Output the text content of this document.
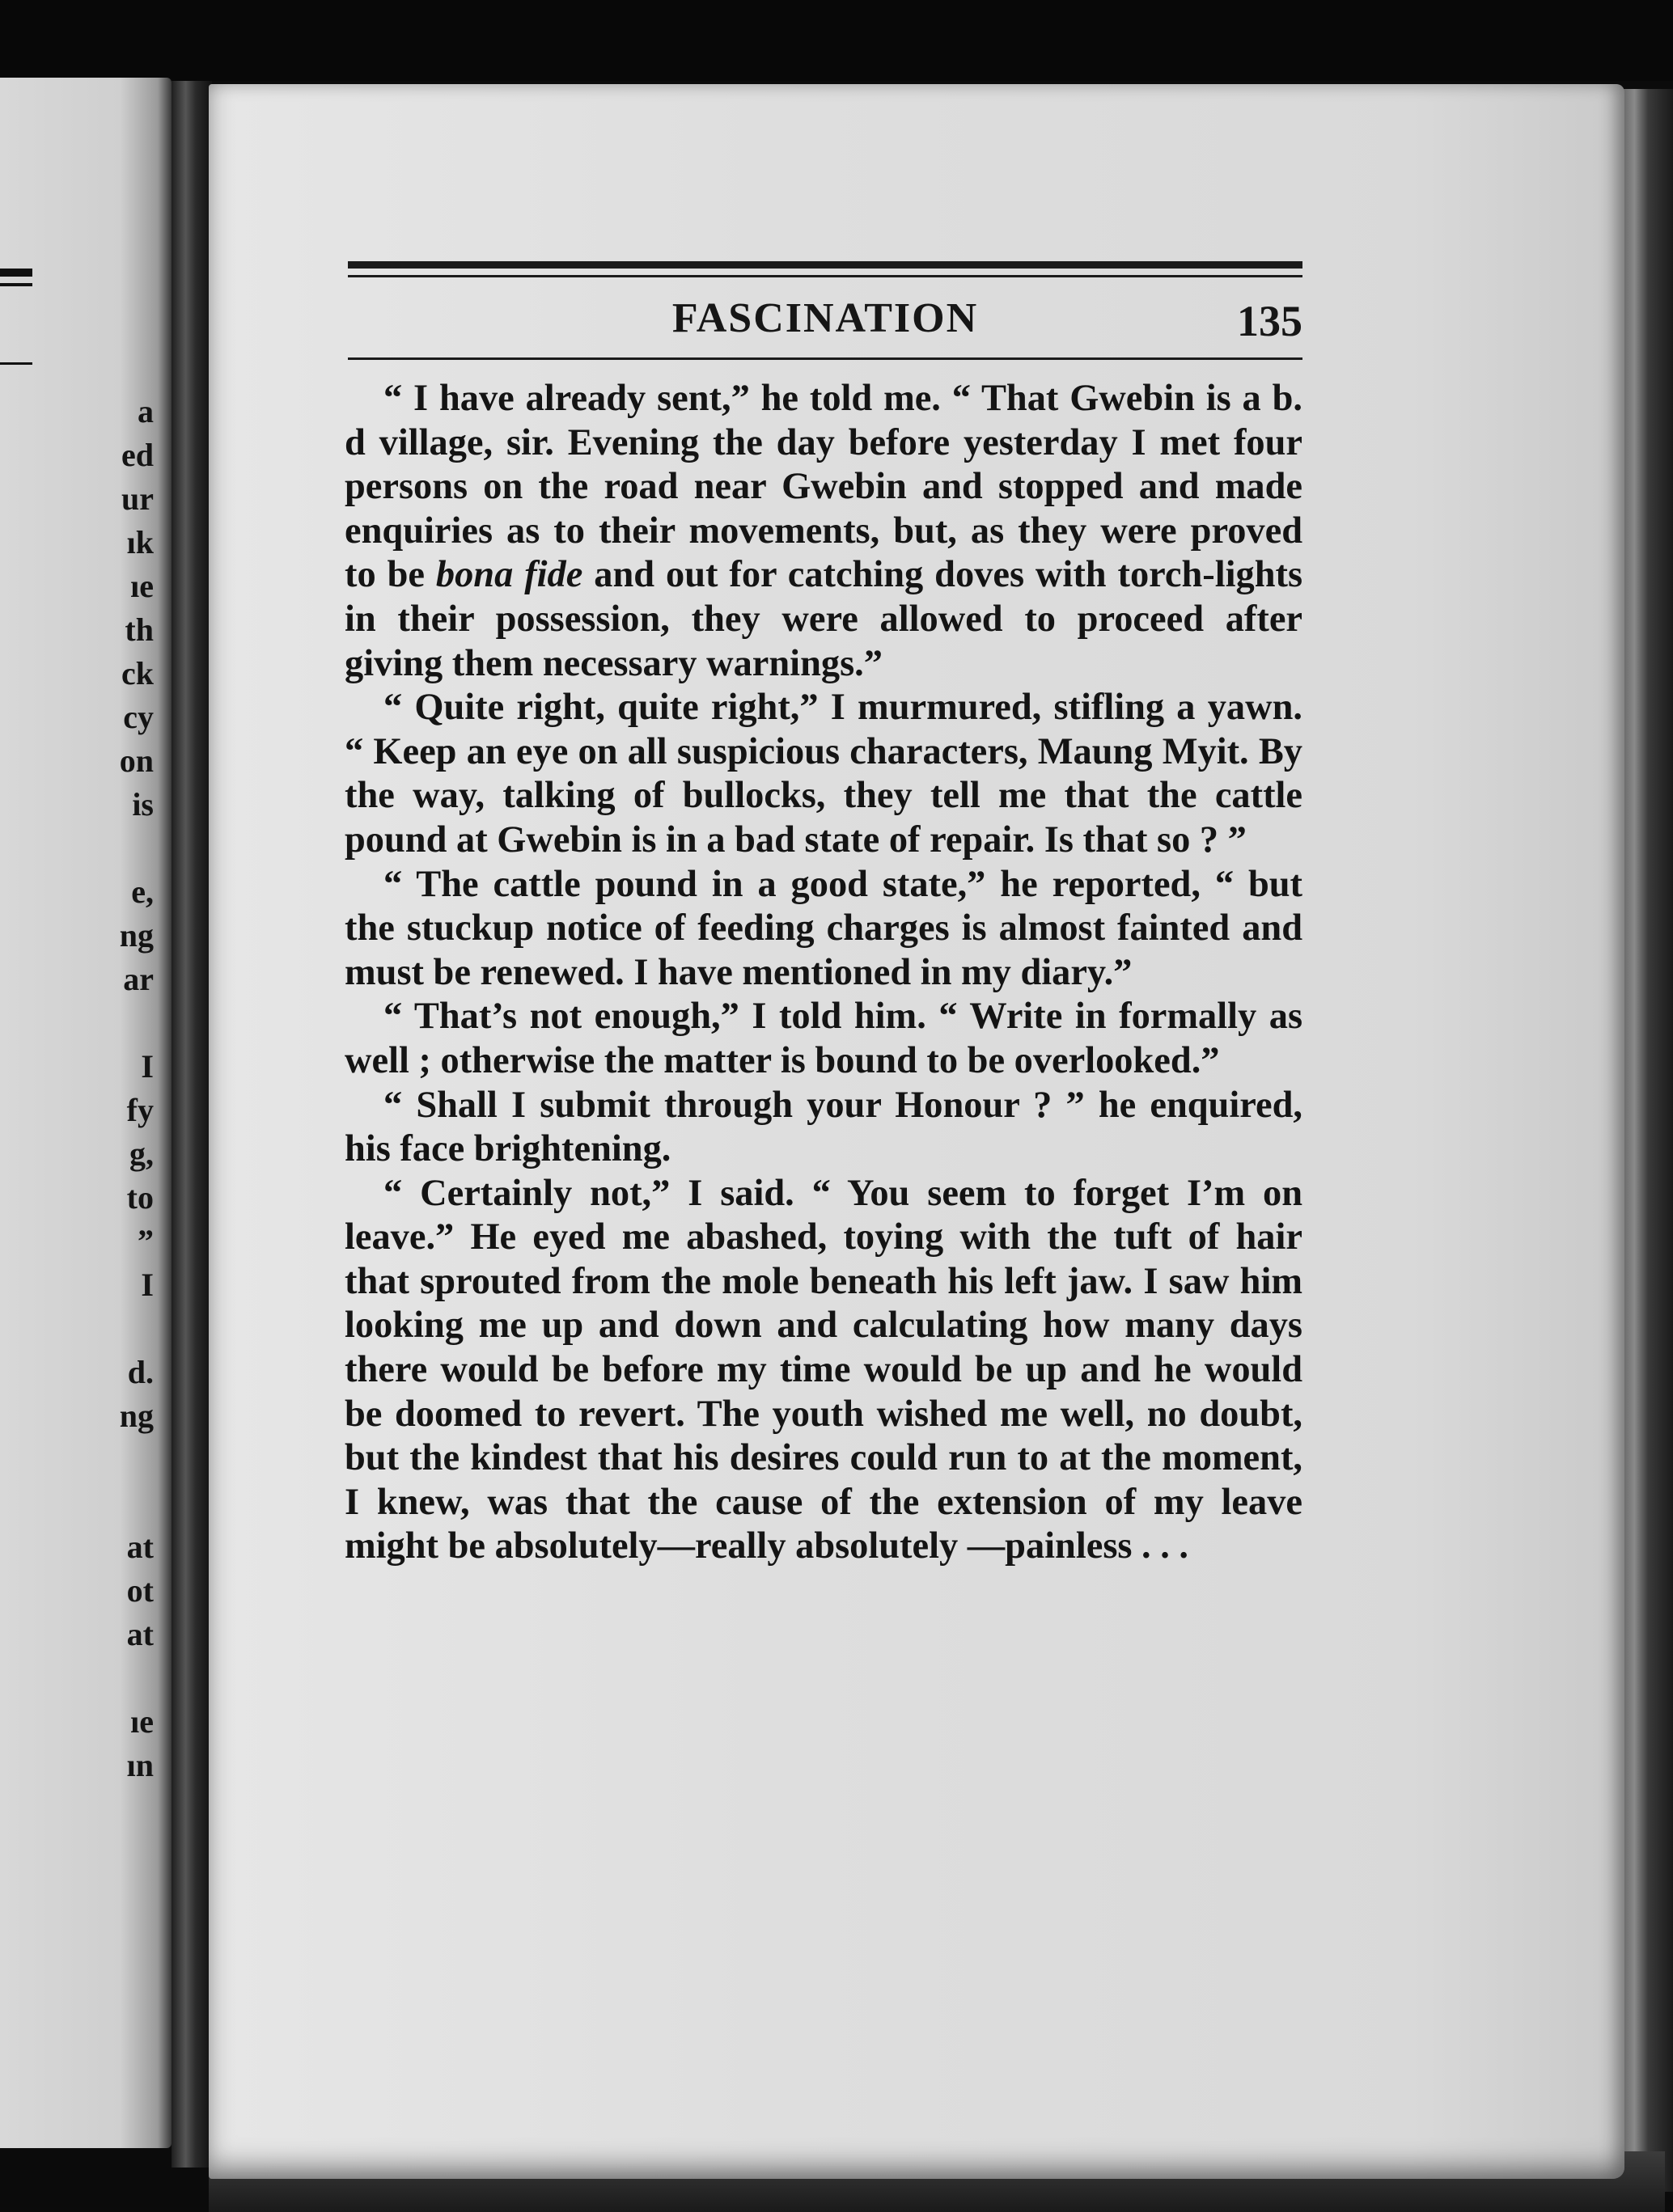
a
ed
ur
ık
ıe
th
ck
cy
on
is
e,
ng
ar
I
fy
g,
to
”
I
d.
ng
at
ot
at
ıe
ın
FASCINATION	135

“ I have already sent,” he told me. “ That Gwebin is a b. d village, sir. Evening the day before yesterday I met four persons on the road near Gwebin and stopped and made enquiries as to their movements, but, as they were proved to be bona fide and out for catching doves with torch-lights in their possession, they were allowed to proceed after giving them necessary warnings.”

“ Quite right, quite right,” I murmured, stifling a yawn. “ Keep an eye on all suspicious characters, Maung Myit. By the way, talking of bullocks, they tell me that the cattle pound at Gwebin is in a bad state of repair. Is that so ? ”

“ The cattle pound in a good state,” he reported, “ but the stuckup notice of feeding charges is almost fainted and must be renewed. I have mentioned in my diary.”

“ That’s not enough,” I told him. “ Write in formally as well ; otherwise the matter is bound to be overlooked.”

“ Shall I submit through your Honour ? ” he enquired, his face brightening.

“ Certainly not,” I said. “ You seem to forget I’m on leave.” He eyed me abashed, toying with the tuft of hair that sprouted from the mole beneath his left jaw. I saw him looking me up and down and calculating how many days there would be before my time would be up and he would be doomed to revert. The youth wished me well, no doubt, but the kindest that his desires could run to at the moment, I knew, was that the cause of the extension of my leave might be absolutely—really absolutely —painless . . .
